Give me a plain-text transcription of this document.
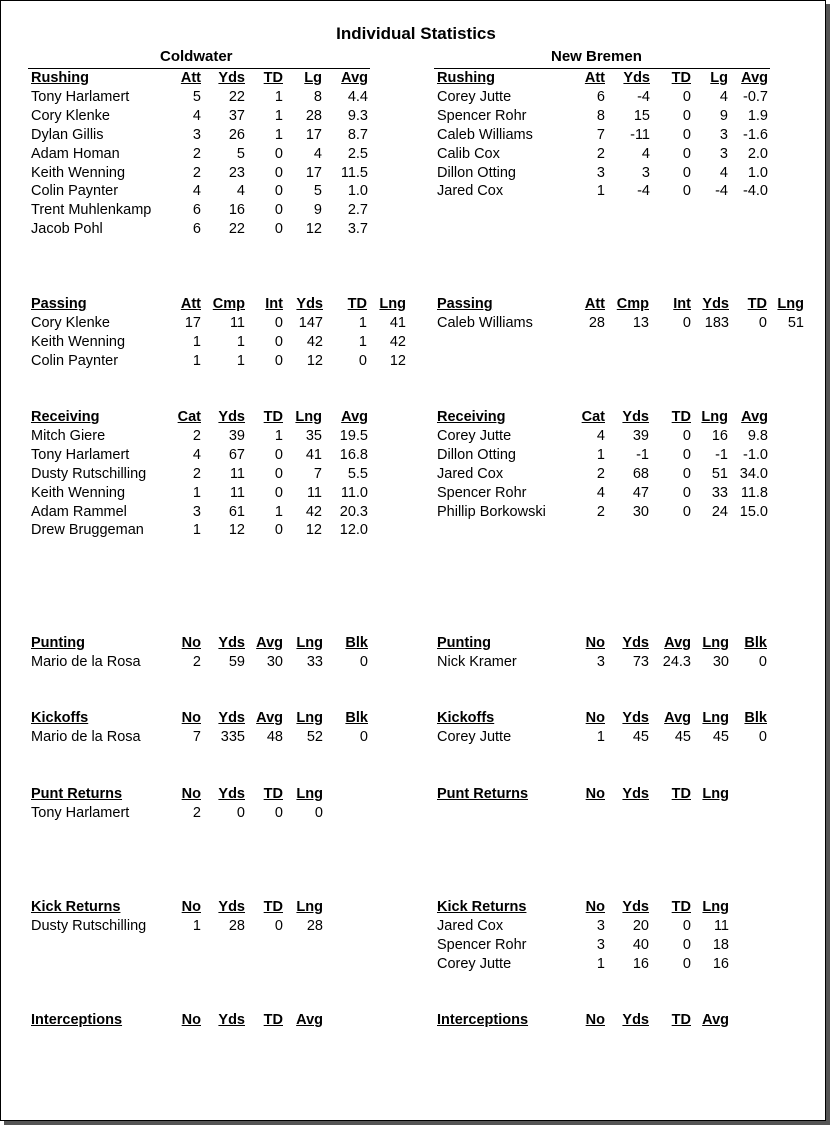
Individual Statistics
Coldwater	New Bremen
Rushing	Att Yds TD Lg Avg
Tony Harlamert	5 22 1 8 4.4
Cory Klenke	4 37 1 28 9.3
Dylan Gillis	3 26 1 17 8.7
Adam Homan	2 5 0 4 2.5
Keith Wenning	2 23 0 17 11.5
Colin Paynter	4 4 0 5 1.0
Trent Muhlenkamp	6 16 0 9 2.7
Jacob Pohl	6 22 0 12 3.7
Rushing	Att Yds TD Lg Avg
Corey Jutte	6 -4 0 4 -0.7
Spencer Rohr	8 15 0 9 1.9
Caleb Williams	7 -11 0 3 -1.6
Calib Cox	2	4 0 3 2.0
Dillon Otting	3	3 0 4 1.0
Jared Cox	1 -4 0 -4 -4.0
Passing	Att Cmp Int Yds TD Lng
Cory Klenke	17 11 0 147 1 41
Keith Wenning	1 1 0 42 1 42
Colin Paynter	1 1 0 12 0 12
Passing	Att Cmp Int Yds TD Lng
Caleb Williams	28 13 0 183 0 51
Receiving	Cat Yds TD Lng Avg
Mitch Giere	2 39 1 35 19.5
Tony Harlamert	4 67 0 41 16.8
Dusty Rutschilling	2 11 0 7 5.5
Keith Wenning	1 11 0 11 11.0
Adam Rammel	3 61 1 42 20.3
Drew Bruggeman	1 12 0 12 12.0
Receiving	Cat Yds TD Lng Avg
Corey Jutte	4 39 0 16 9.8
Dillon Otting	1 -1 0 -1 -1.0
Jared Cox	2 68 0 51 34.0
Spencer Rohr	4 47 0 33 11.8
Phillip Borkowski	2 30 0 24 15.0
Punting	No Yds Avg Lng Blk
Mario de la Rosa	2 59 30 33	0
Punting	No Yds Avg Lng Blk
Nick Kramer	3 73 24.3 30 0
Kickoffs	No Yds Avg Lng Blk
Mario de la Rosa	7 335 48 52	0
Kickoffs	No Yds Avg Lng Blk
Corey Jutte	1 45 45 45 0
Punt Returns	No Yds TD Lng
Tony Harlamert	2 0 0 0
Punt Returns	No Yds TD Lng
Kick Returns	No Yds TD Lng
Dusty Rutschilling	1 28 0 28
Kick Returns	No Yds TD Lng
Jared Cox	3 20 0 11
Spencer Rohr	3 40 0 18
Corey Jutte	1 16 0 16
Interceptions	No Yds TD Avg	Interceptions	No Yds TD Avg
